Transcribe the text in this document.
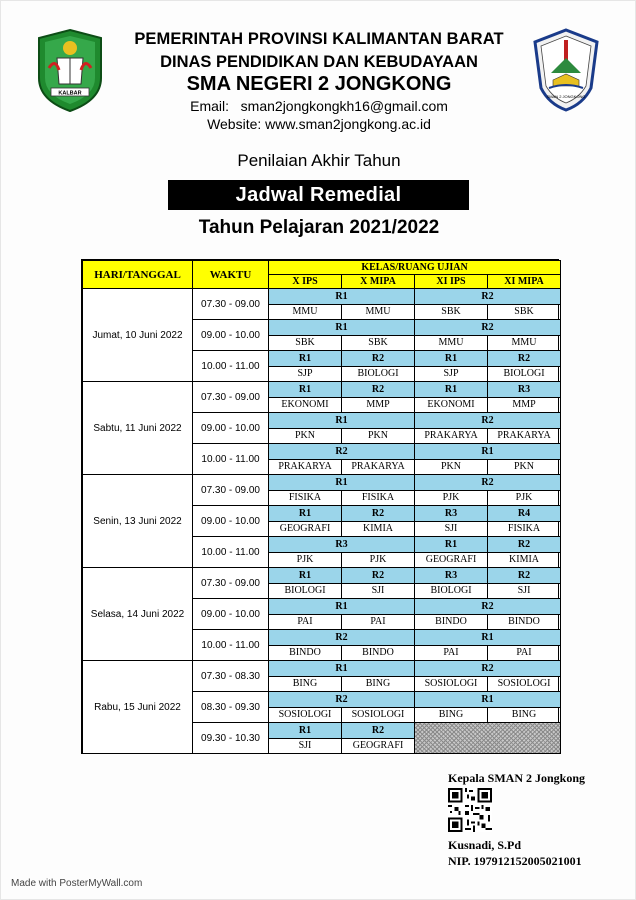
KALBAR	SMAN 2 JONGKONG
PEMERINTAH PROVINSI KALIMANTAN BARAT
DINAS PENDIDIKAN DAN KEBUDAYAAN
SMA NEGERI 2 JONGKONG
Email:   sman2jongkongkh16@gmail.com
Website: www.sman2jongkong.ac.id
Penilaian Akhir Tahun
Jadwal Remedial
Tahun Pelajaran 2021/2022
HARI/TANGGAL	WAKTU	KELAS/RUANG UJIAN			
		X IPS	X MIPA	XI IPS	XI MIPA
Jumat, 10 Juni 2022	07.30 - 09.00	R1		R2	
		MMU	MMU	SBK	SBK
	09.00 - 10.00	R1		R2	
		SBK	SBK	MMU	MMU
	10.00 - 11.00	R1	R2	R1	R2
		SJP	BIOLOGI	SJP	BIOLOGI
Sabtu, 11 Juni 2022	07.30 - 09.00	R1	R2	R1	R3
		EKONOMI	MMP	EKONOMI	MMP
	09.00 - 10.00	R1		R2	
		PKN	PKN	PRAKARYA	PRAKARYA
	10.00 - 11.00	R2		R1	
		PRAKARYA	PRAKARYA	PKN	PKN
Senin, 13 Juni 2022	07.30 - 09.00	R1		R2	
		FISIKA	FISIKA	PJK	PJK
	09.00 - 10.00	R1	R2	R3	R4
		GEOGRAFI	KIMIA	SJI	FISIKA
	10.00 - 11.00	R3		R1	R2
		PJK	PJK	GEOGRAFI	KIMIA
Selasa, 14 Juni 2022	07.30 - 09.00	R1	R2	R3	R2
		BIOLOGI	SJI	BIOLOGI	SJI
	09.00 - 10.00	R1		R2	
		PAI	PAI	BINDO	BINDO
	10.00 - 11.00	R2		R1	
		BINDO	BINDO	PAI	PAI
Rabu, 15 Juni 2022	07.30 - 08.30	R1		R2	
		BING	BING	SOSIOLOGI	SOSIOLOGI
	08.30 - 09.30	R2		R1	
		SOSIOLOGI	SOSIOLOGI	BING	BING
	09.30 - 10.30	R1	R2		
		SJI	GEOGRAFI		
Kepala SMAN 2 Jongkong
Kusnadi, S.Pd
NIP. 197912152005021001
Made with PosterMyWall.com
